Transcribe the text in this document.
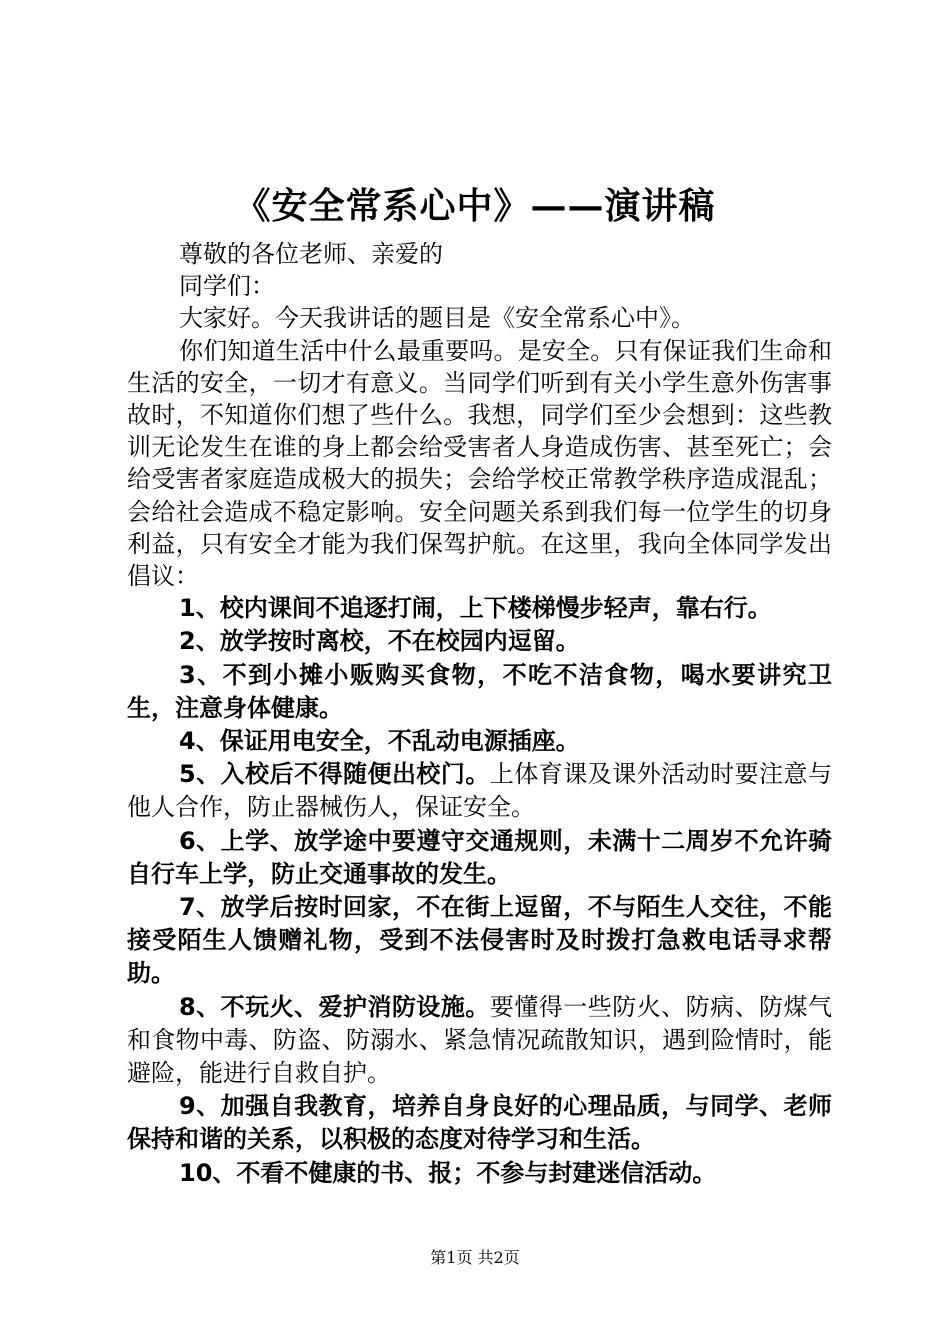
《安全常系心中》——演讲稿

尊敬的各位老师、亲爱的

同学们：

大家好。今天我讲话的题目是《安全常系心中》。

你们知道生活中什么最重要吗。是安全。只有保证我们生命和生活的安全，一切才有意义。当同学们听到有关小学生意外伤害事故时，不知道你们想了些什么。我想，同学们至少会想到：这些教训无论发生在谁的身上都会给受害者人身造成伤害、甚至死亡；会给受害者家庭造成极大的损失；会给学校正常教学秩序造成混乱；会给社会造成不稳定影响。安全问题关系到我们每一位学生的切身利益，只有安全才能为我们保驾护航。在这里，我向全体同学发出倡议：

1、校内课间不追逐打闹，上下楼梯慢步轻声，靠右行。

2、放学按时离校，不在校园内逗留。

3、不到小摊小贩购买食物，不吃不洁食物，喝水要讲究卫生，注意身体健康。

4、保证用电安全，不乱动电源插座。

5、入校后不得随便出校门。上体育课及课外活动时要注意与他人合作，防止器械伤人，保证安全。

6、上学、放学途中要遵守交通规则，未满十二周岁不允许骑自行车上学，防止交通事故的发生。

7、放学后按时回家，不在街上逗留，不与陌生人交往，不能接受陌生人馈赠礼物，受到不法侵害时及时拨打急救电话寻求帮助。

8、不玩火、爱护消防设施。要懂得一些防火、防病、防煤气和食物中毒、防盗、防溺水、紧急情况疏散知识，遇到险情时，能避险，能进行自救自护。

9、加强自我教育，培养自身良好的心理品质，与同学、老师保持和谐的关系，以积极的态度对待学习和生活。

10、不看不健康的书、报；不参与封建迷信活动。

第1页 共2页
